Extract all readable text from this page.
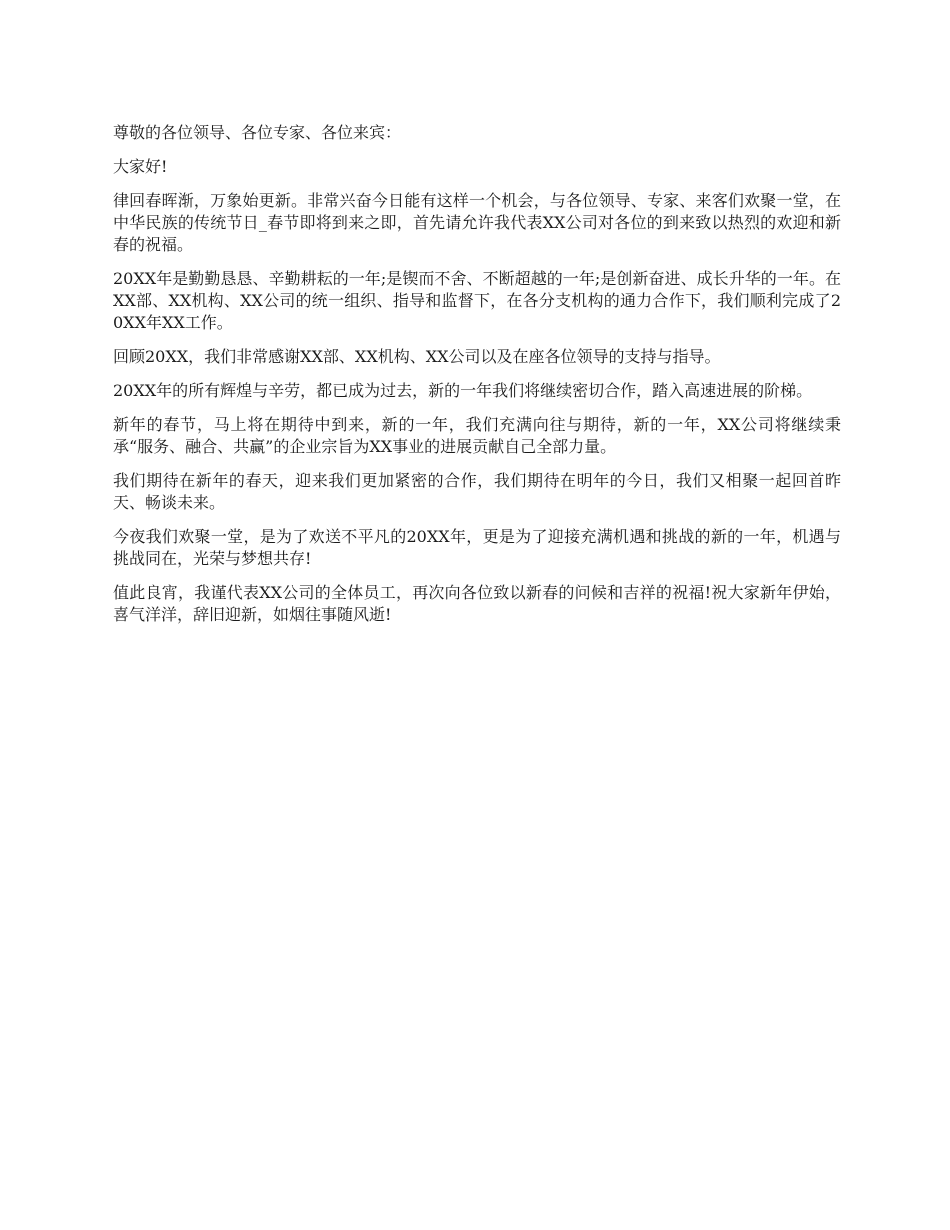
尊敬的各位领导、各位专家、各位来宾：

大家好!

律回春晖渐，万象始更新。非常兴奋今日能有这样一个机会，与各位领导、专家、来客们欢聚一堂，在中华民族的传统节日_春节即将到来之即，首先请允许我代表XX公司对各位的到来致以热烈的欢迎和新春的祝福。

20XX年是勤勤恳恳、辛勤耕耘的一年;是锲而不舍、不断超越的一年;是创新奋进、成长升华的一年。在XX部、XX机构、XX公司的统一组织、指导和监督下，在各分支机构的通力合作下，我们顺利完成了20XX年XX工作。

回顾20XX，我们非常感谢XX部、XX机构、XX公司以及在座各位领导的支持与指导。

20XX年的所有辉煌与辛劳，都已成为过去，新的一年我们将继续密切合作，踏入高速进展的阶梯。

新年的春节，马上将在期待中到来，新的一年，我们充满向往与期待，新的一年，XX公司将继续秉承“服务、融合、共赢”的企业宗旨为XX事业的进展贡献自己全部力量。

我们期待在新年的春天，迎来我们更加紧密的合作，我们期待在明年的今日，我们又相聚一起回首昨天、畅谈未来。

今夜我们欢聚一堂，是为了欢送不平凡的20XX年，更是为了迎接充满机遇和挑战的新的一年，机遇与挑战同在，光荣与梦想共存!

值此良宵，我谨代表XX公司的全体员工，再次向各位致以新春的问候和吉祥的祝福!祝大家新年伊始，喜气洋洋，辞旧迎新，如烟往事随风逝!
